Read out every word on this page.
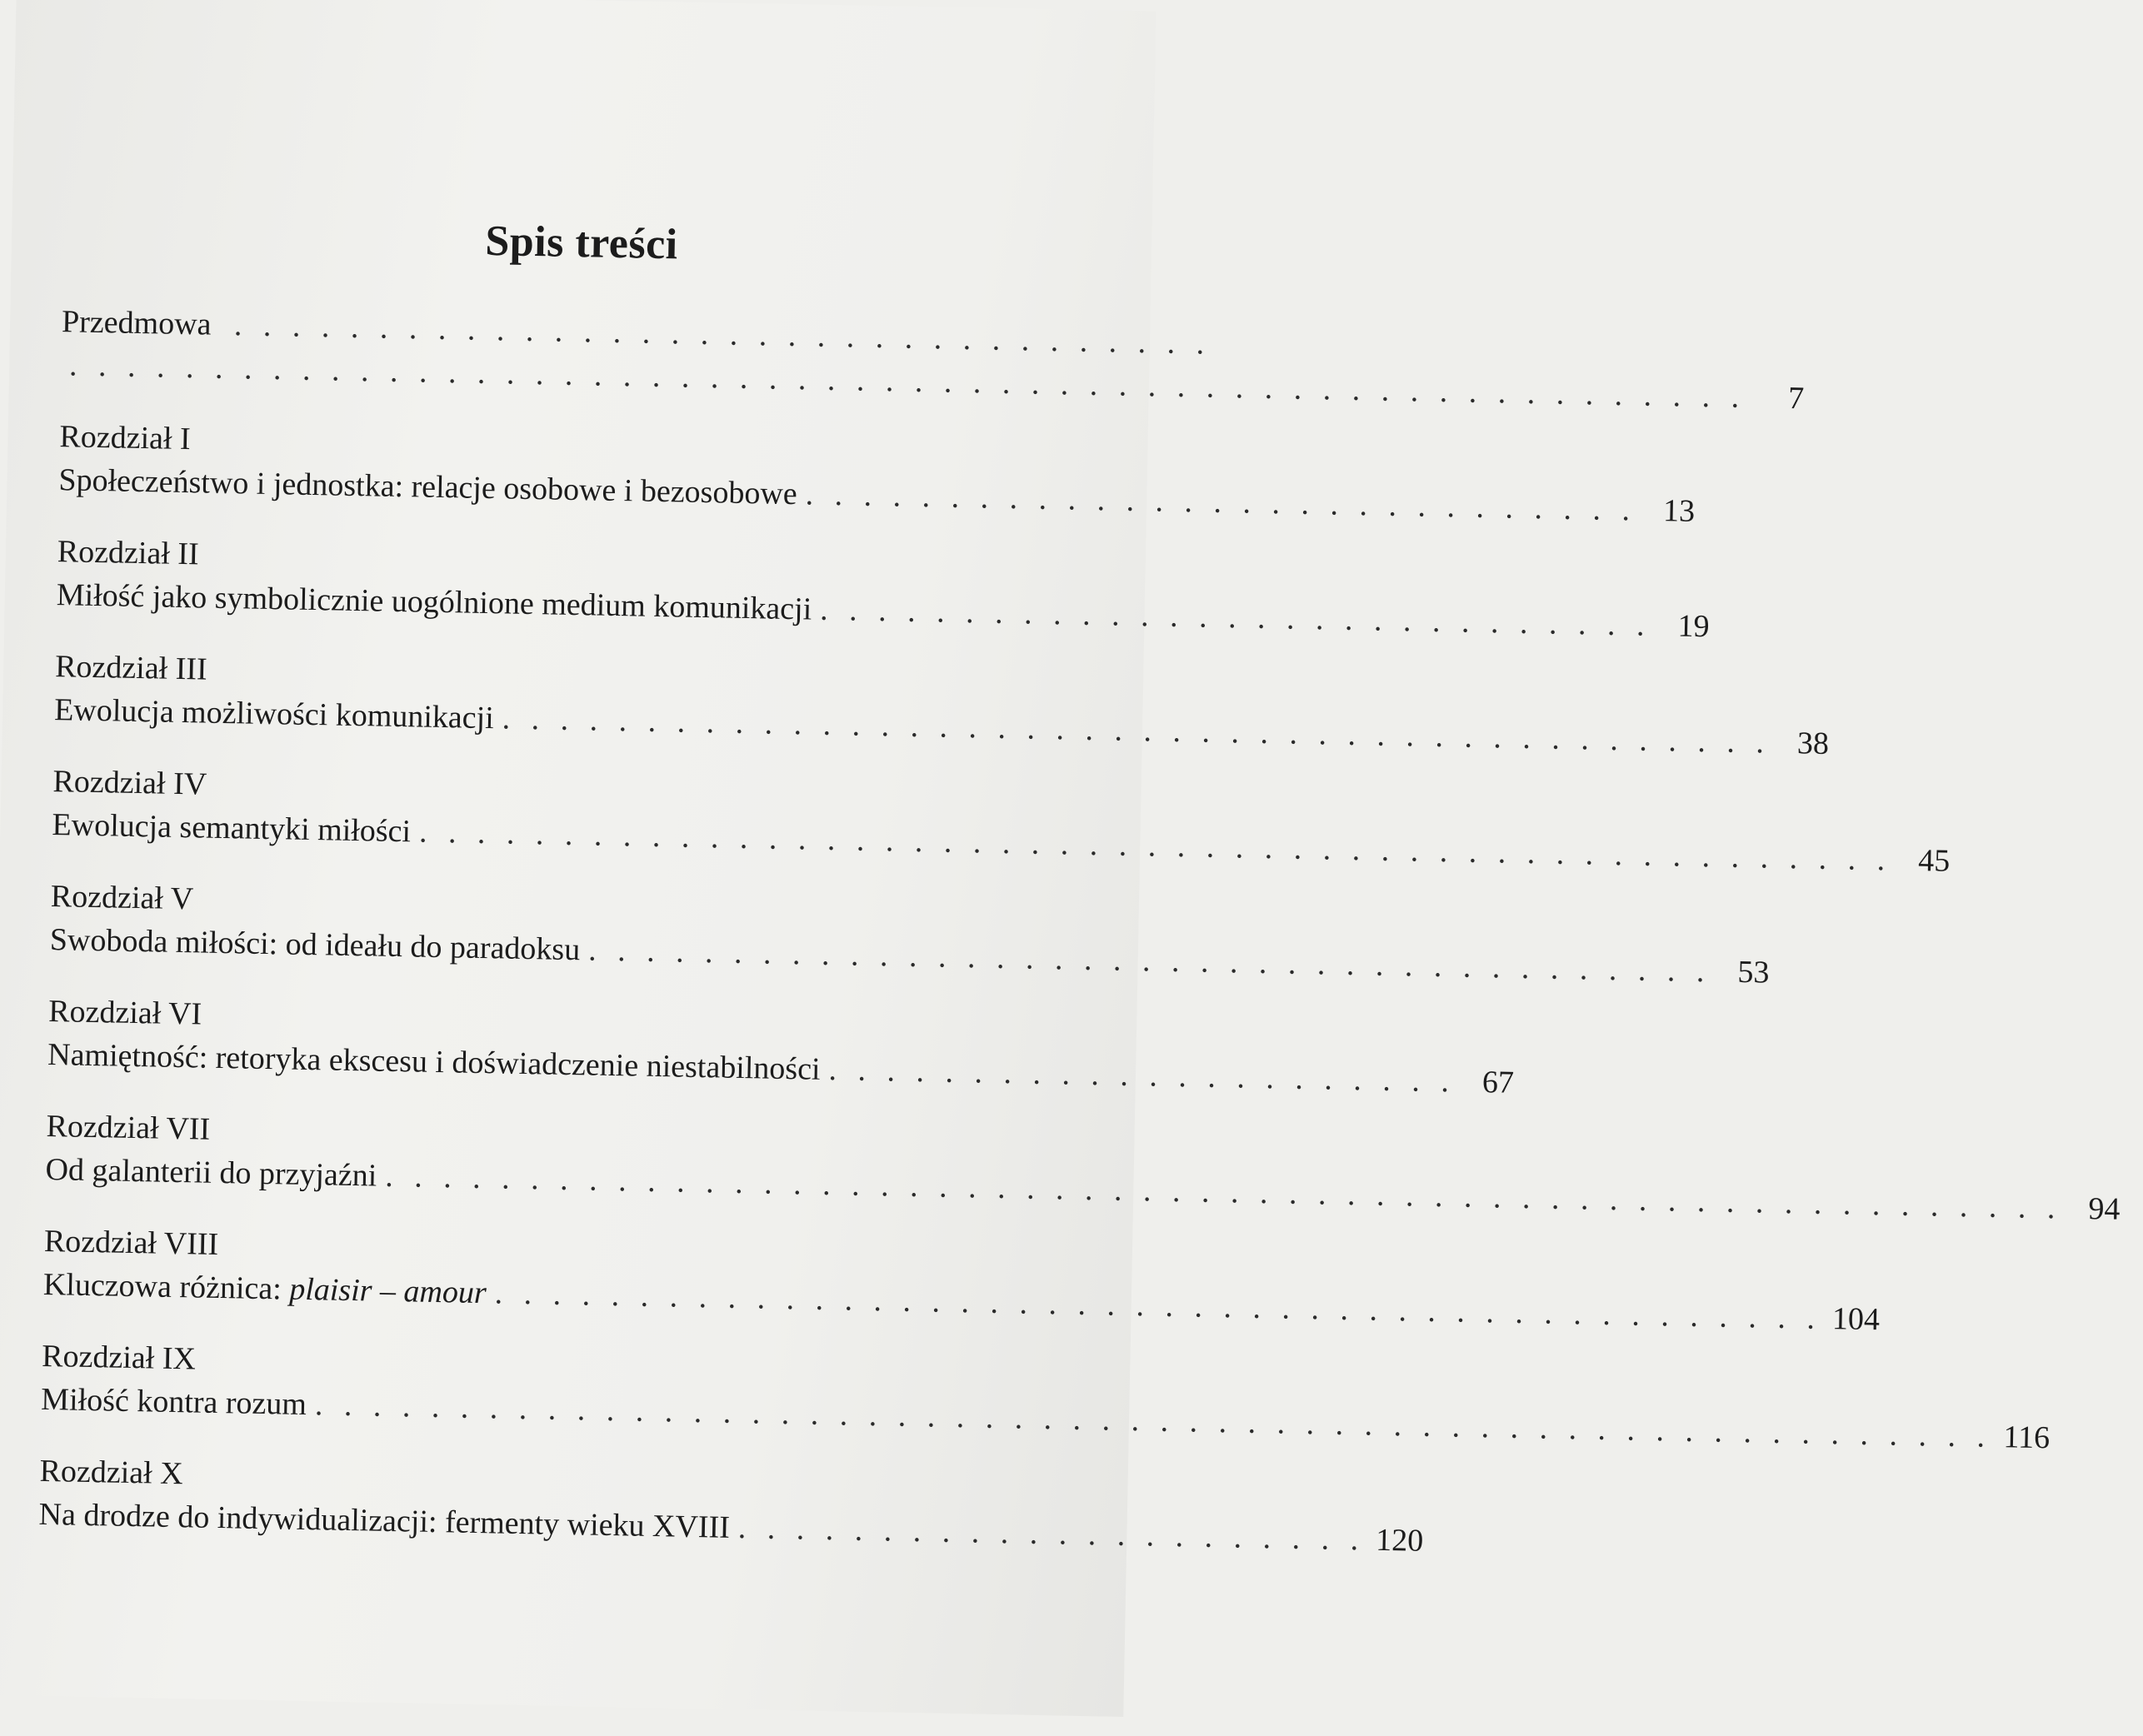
Spis treści
Przedmowa . . . . . . . . . . . . . . . . . . . . . . . . . . . . . . . . . .
. . . . . . . . . . . . . . . . . . . . . . . . . . . . . . . . . . . . . . . . . . . . . . . . . . . . . . . . . .	7
Rozdział I
Społeczeństwo i jednostka: relacje osobowe i bezosobowe . . . . . . . . . . . . . . . . . . . . . . . . . . . . . 13
Rozdział II
Miłość jako symbolicznie uogólnione medium komunikacji . . . . . . . . . . . . . . . . . . . . . . . . . . . . . 19
Rozdział III
Ewolucja możliwości komunikacji . . . . . . . . . . . . . . . . . . . . . . . . . . . . . . . . . . . . . . . . . . . . 38
Rozdział IV
Ewolucja semantyki miłości . . . . . . . . . . . . . . . . . . . . . . . . . . . . . . . . . . . . . . . . . . . . . . . . . . . 45
Rozdział V
Swoboda miłości: od ideału do paradoksu . . . . . . . . . . . . . . . . . . . . . . . . . . . . . . . . . . . . . . . 53
Rozdział VI
Namiętność: retoryka ekscesu i doświadczenie niestabilności . . . . . . . . . . . . . . . . . . . . . . 67
Rozdział VII
Od galanterii do przyjaźni . . . . . . . . . . . . . . . . . . . . . . . . . . . . . . . . . . . . . . . . . . . . . . . . . . . . . . . . . . 94
Rozdział VIII
Kluczowa różnica: plaisir – amour . . . . . . . . . . . . . . . . . . . . . . . . . . . . . . . . . . . . . . . . . . . . . . 104
Rozdział IX
Miłość kontra rozum . . . . . . . . . . . . . . . . . . . . . . . . . . . . . . . . . . . . . . . . . . . . . . . . . . . . . . . . . . 116
Rozdział X
Na drodze do indywidualizacji: fermenty wieku XVIII . . . . . . . . . . . . . . . . . . . . . . 120
